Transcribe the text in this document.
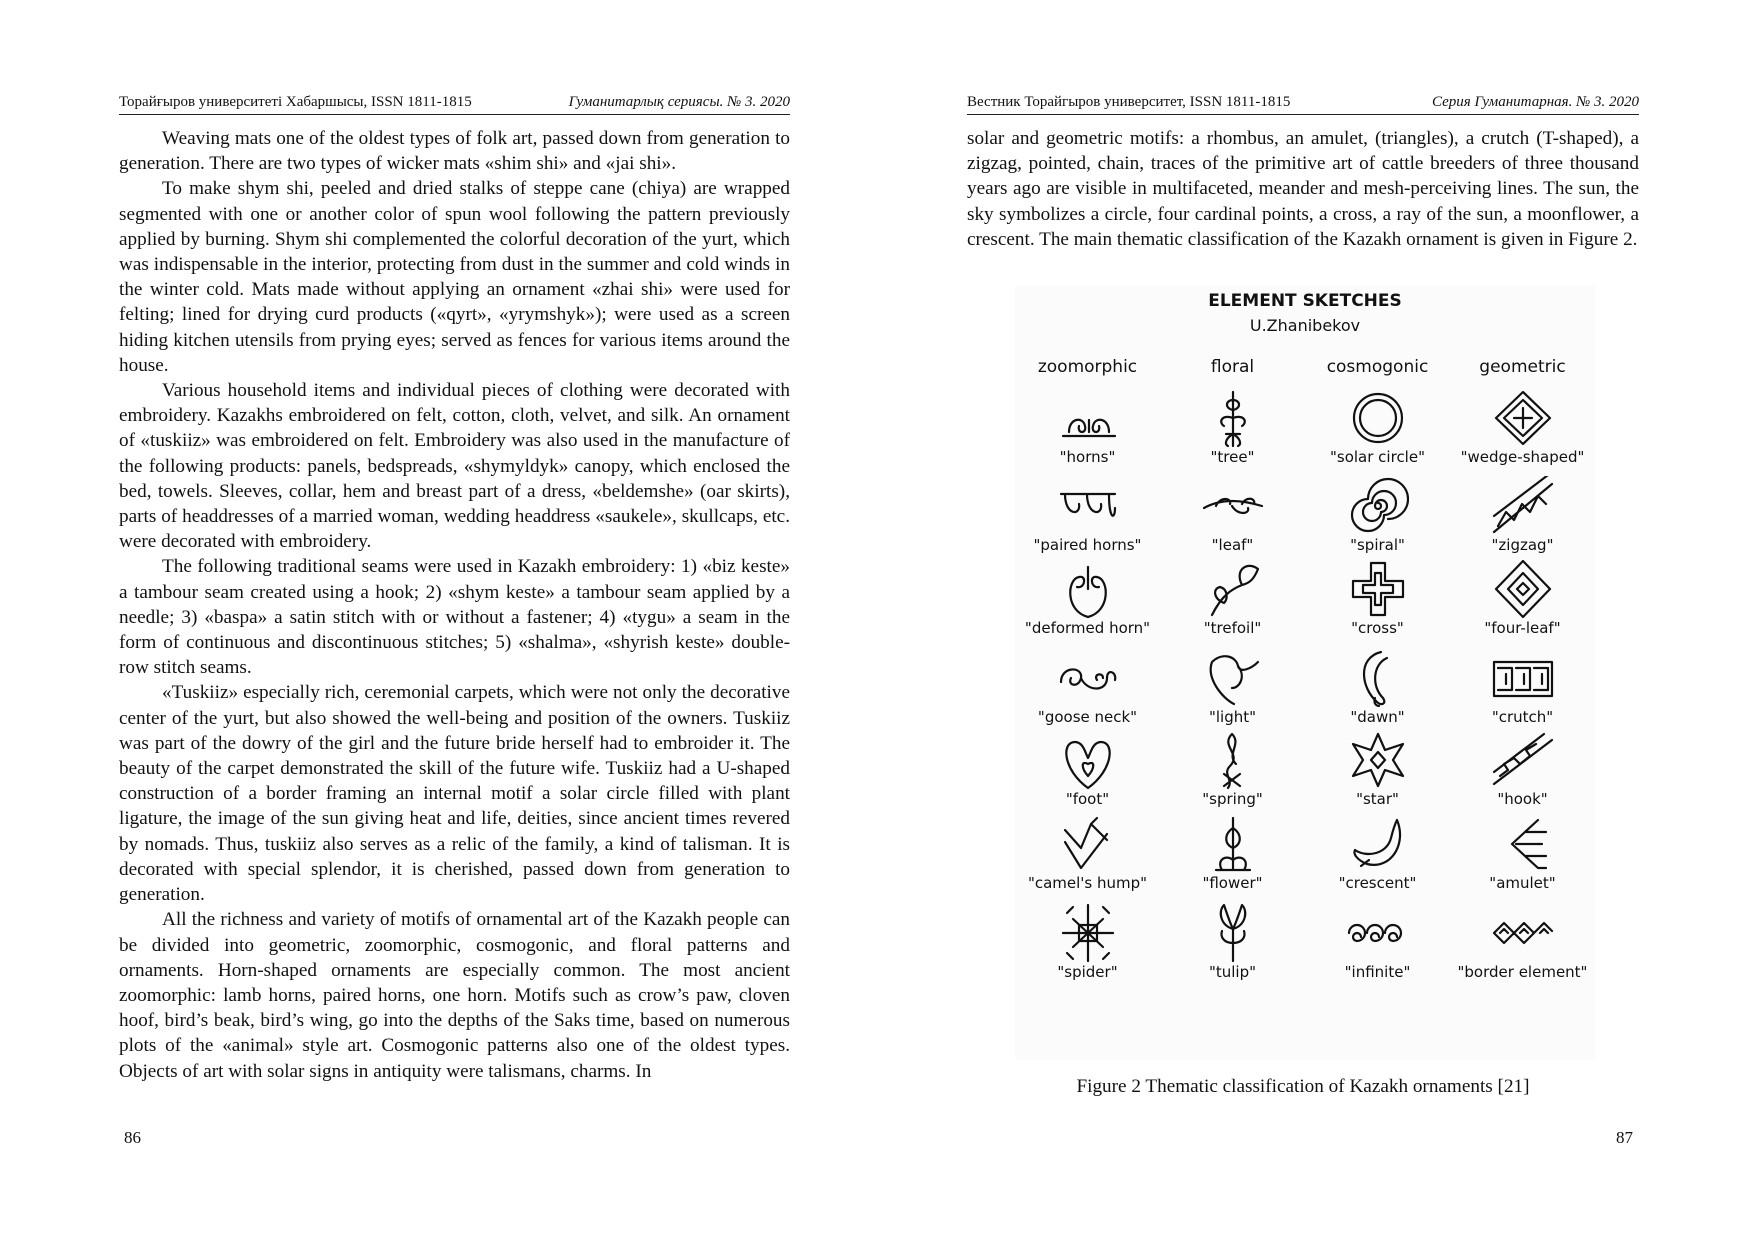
Торайғыров университеті Хабаршысы, ISSN 1811-1815	Гуманитарлық сериясы. № 3. 2020

Weaving mats one of the oldest types of folk art, passed down from generation to generation. There are two types of wicker mats «shim shi» and «jai shi».

To make shym shi, peeled and dried stalks of steppe cane (chiya) are wrapped segmented with one or another color of spun wool following the pattern previously applied by burning. Shym shi complemented the colorful decoration of the yurt, which was indispensable in the interior, protecting from dust in the summer and cold winds in the winter cold. Mats made without applying an ornament «zhai shi» were used for felting; lined for drying curd products («qyrt», «yrymshyk»); were used as a screen hiding kitchen utensils from prying eyes; served as fences for various items around the house.

Various household items and individual pieces of clothing were decorated with embroidery. Kazakhs embroidered on felt, cotton, cloth, velvet, and silk. An ornament of «tuskiiz» was embroidered on felt. Embroidery was also used in the manufacture of the following products: panels, bedspreads, «shymyldyk» canopy, which enclosed the bed, towels. Sleeves, collar, hem and breast part of a dress, «beldemshe» (oar skirts), parts of headdresses of a married woman, wedding headdress «saukele», skullcaps, etc. were decorated with embroidery.

The following traditional seams were used in Kazakh embroidery: 1) «biz keste» a tambour seam created using a hook; 2) «shym keste» a tambour seam applied by a needle; 3) «baspa» a satin stitch with or without a fastener; 4) «tygu» a seam in the form of continuous and discontinuous stitches; 5) «shalma», «shyrish keste» double-row stitch seams.

«Tuskiiz» especially rich, ceremonial carpets, which were not only the decorative center of the yurt, but also showed the well-being and position of the owners. Tuskiiz was part of the dowry of the girl and the future bride herself had to embroider it. The beauty of the carpet demonstrated the skill of the future wife. Tuskiiz had a U-shaped construction of a border framing an internal motif a solar circle filled with plant ligature, the image of the sun giving heat and life, deities, since ancient times revered by nomads. Thus, tuskiiz also serves as a relic of the family, a kind of talisman. It is decorated with special splendor, it is cherished, passed down from generation to generation.

All the richness and variety of motifs of ornamental art of the Kazakh people can be divided into geometric, zoomorphic, cosmogonic, and floral patterns and ornaments. Horn-shaped ornaments are especially common. The most ancient zoomorphic: lamb horns, paired horns, one horn. Motifs such as crow’s paw, cloven hoof, bird’s beak, bird’s wing, go into the depths of the Saks time, based on numerous plots of the «animal» style art. Cosmogonic patterns also one of the oldest types. Objects of art with solar signs in antiquity were talismans, charms. In

86
Вестник Торайгыров университет, ISSN 1811-1815	Серия Гуманитарная. № 3. 2020

solar and geometric motifs: a rhombus, an amulet, (triangles), a crutch (T-shaped), a zigzag, pointed, chain, traces of the primitive art of cattle breeders of three thousand years ago are visible in multifaceted, meander and mesh-perceiving lines. The sun, the sky symbolizes a circle, four cardinal points, a cross, a ray of the sun, a moonflower, a crescent. The main thematic classification of the Kazakh ornament is given in Figure 2.

ELEMENT SKETCHES
U.Zhanibekov
zoomorphic	floral	cosmogonic	geometric
"horns"	"tree"	"solar circle"	"wedge-shaped"
"paired horns"	"leaf"	"spiral"	"zigzag"
"deformed horn"	"trefoil"	"cross"	"four-leaf"
"goose neck"	"light"	"dawn"	"crutch"
"foot"	"spring"	"star"	"hook"
"camel's hump"	"flower"	"crescent"	"amulet"
"spider"	"tulip"	"infinite"	"border element"
Figure 2 Thematic classification of Kazakh ornaments [21]
87
